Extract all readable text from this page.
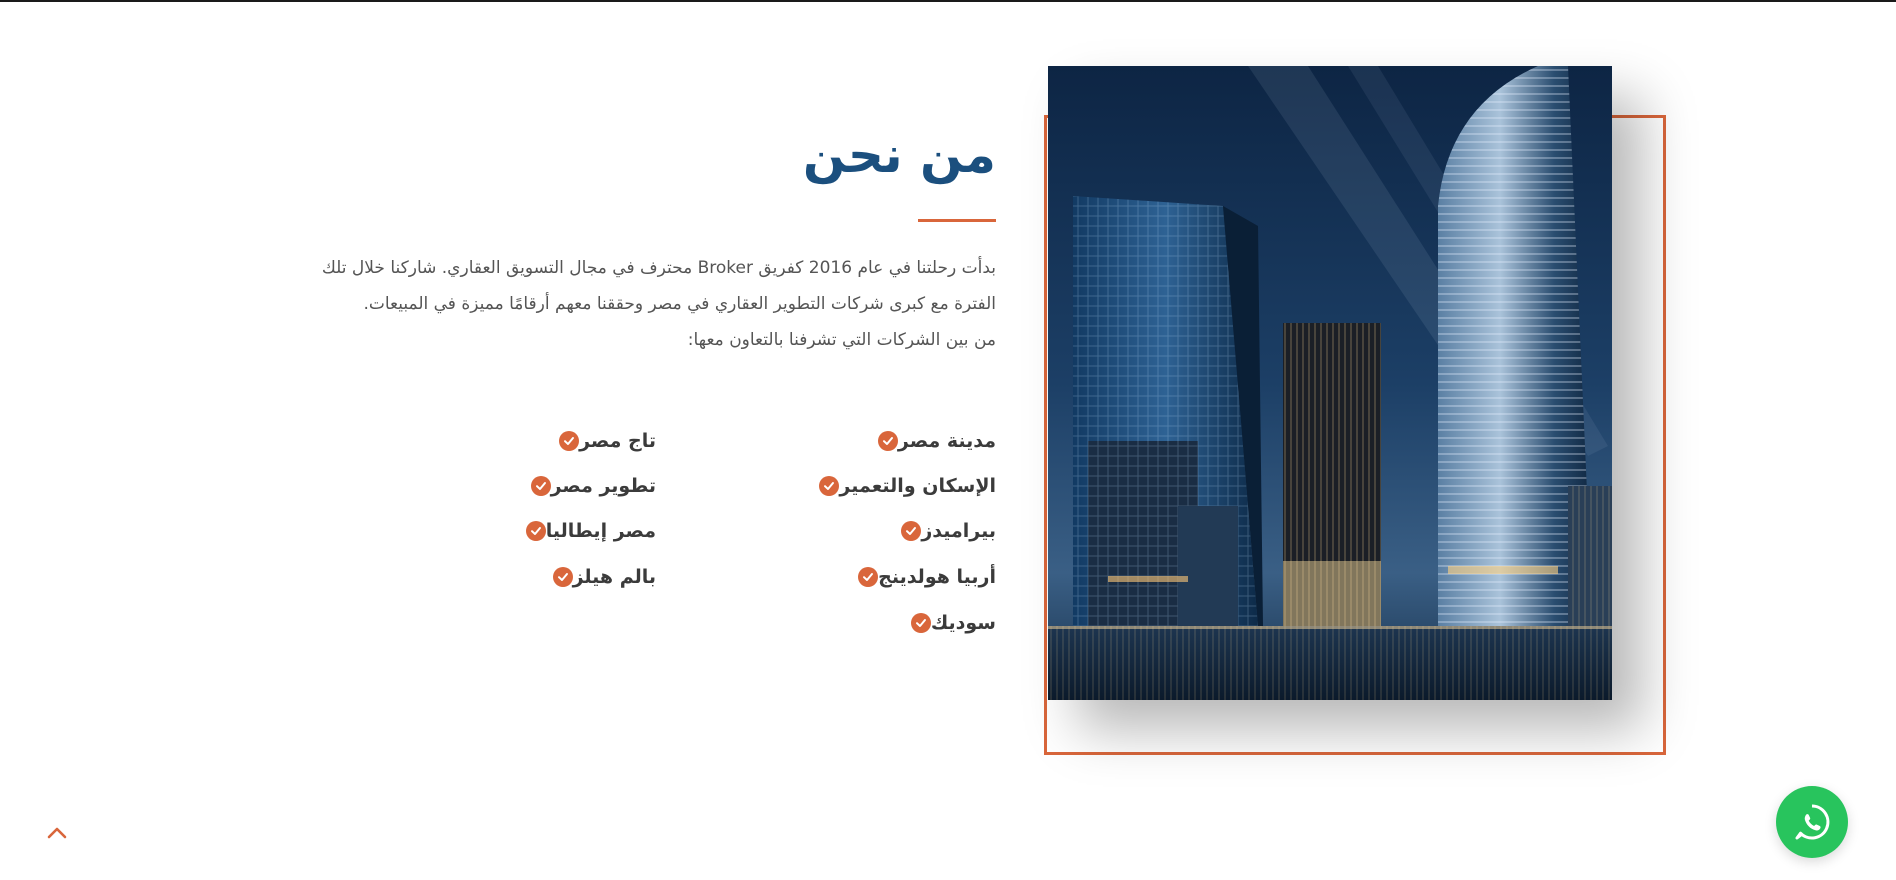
من نحن

بدأت رحلتنا في عام 2016 كفريق Broker محترف في مجال التسويق العقاري. شاركنا خلال تلك الفترة مع كبرى شركات التطوير العقاري في مصر وحققنا معهم أرقامًا مميزة في المبيعات.

من بين الشركات التي تشرفنا بالتعاون معها:

مدينة مصر
الإسكان والتعمير
بيراميدز
أربيا هولدينج
سوديك
تاج مصر
تطوير مصر
مصر إيطاليا
بالم هيلز
